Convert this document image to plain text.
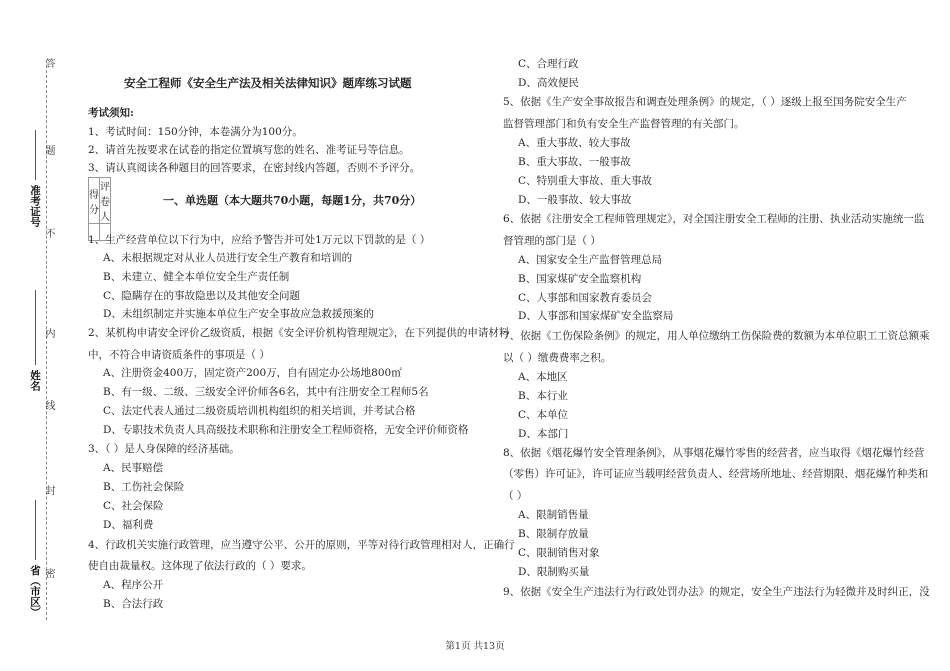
答
题
不
内
线
封
密
准考证号
姓名
省（市区）
安全工程师《安全生产法及相关法律知识》题库练习试题
考试须知:
1、考试时间：150分钟，本卷满分为100分。
2、请首先按要求在试卷的指定位置填写您的姓名、准考证号等信息。
3、请认真阅读各种题目的回答要求，在密封线内答题，否则不予评分。
得分	评卷人

一、单选题（本大题共70小题，每题1分，共70分）
1、生产经营单位以下行为中，应给予警告并可处1万元以下罚款的是（ ）
A、未根据规定对从业人员进行安全生产教育和培训的
B、未建立、健全本单位安全生产责任制
C、隐瞒存在的事故隐患以及其他安全问题
D、未组织制定并实施本单位生产安全事故应急救援预案的
2、某机构申请安全评价乙级资质，根据《安全评价机构管理规定》，在下列提供的申请材料
中，不符合申请资质条件的事项是（ ）
A、注册资金400万，固定资产200万，自有固定办公场地800㎡
B、有一级、二级、三级安全评价师各6名，其中有注册安全工程师5名
C、法定代表人通过二级资质培训机构组织的相关培训，并考试合格
D、专职技术负责人具高级技术职称和注册安全工程师资格，无安全评价师资格
3、（ ）是人身保障的经济基础。
A、民事赔偿
B、工伤社会保险
C、社会保险
D、福利费
4、行政机关实施行政管理，应当遵守公平、公开的原则，平等对待行政管理相对人，正确行
使自由裁量权。这体现了依法行政的（ ）要求。
A、程序公开
B、合法行政
C、合理行政
D、高效便民
5、依据《生产安全事故报告和调查处理条例》的规定，（ ）逐级上报至国务院安全生产
监督管理部门和负有安全生产监督管理的有关部门。
A、重大事故、较大事故
B、重大事故、一般事故
C、特别重大事故、重大事故
D、一般事故、较大事故
6、依据《注册安全工程师管理规定》，对全国注册安全工程师的注册、执业活动实施统一监
督管理的部门是（ ）
A、国家安全生产监督管理总局
B、国家煤矿安全监察机构
C、人事部和国家教育委员会
D、人事部和国家煤矿安全监察局
7、依据《工伤保险条例》的规定，用人单位缴纳工伤保险费的数额为本单位职工工资总额乘
以（ ）缴费费率之积。
A、本地区
B、本行业
C、本单位
D、本部门
8、依据《烟花爆竹安全管理条例》，从事烟花爆竹零售的经营者，应当取得《烟花爆竹经营
（零售）许可证》，许可证应当载明经营负责人、经营场所地址、经营期限、烟花爆竹种类和
（ ）
A、限制销售量
B、限制存放量
C、限制销售对象
D、限制购买量
9、依据《安全生产违法行为行政处罚办法》的规定，安全生产违法行为轻微并及时纠正，没
第1页 共13页
